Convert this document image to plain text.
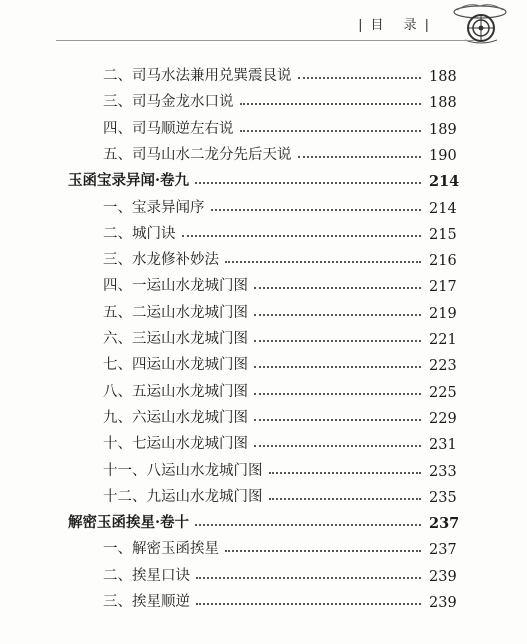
|目 录|
二、司马水法兼用兑巽震艮说	188
三、司马金龙水口说	188
四、司马顺逆左右说	189
五、司马山水二龙分先后天说	190
玉函宝录异闻·卷九	214
一、宝录异闻序	214
二、城门诀	215
三、水龙修补妙法	216
四、一运山水龙城门图	217
五、二运山水龙城门图	219
六、三运山水龙城门图	221
七、四运山水龙城门图	223
八、五运山水龙城门图	225
九、六运山水龙城门图	229
十、七运山水龙城门图	231
十一、八运山水龙城门图	233
十二、九运山水龙城门图	235
解密玉函挨星·卷十	237
一、解密玉函挨星	237
二、挨星口诀	239
三、挨星顺逆	239
